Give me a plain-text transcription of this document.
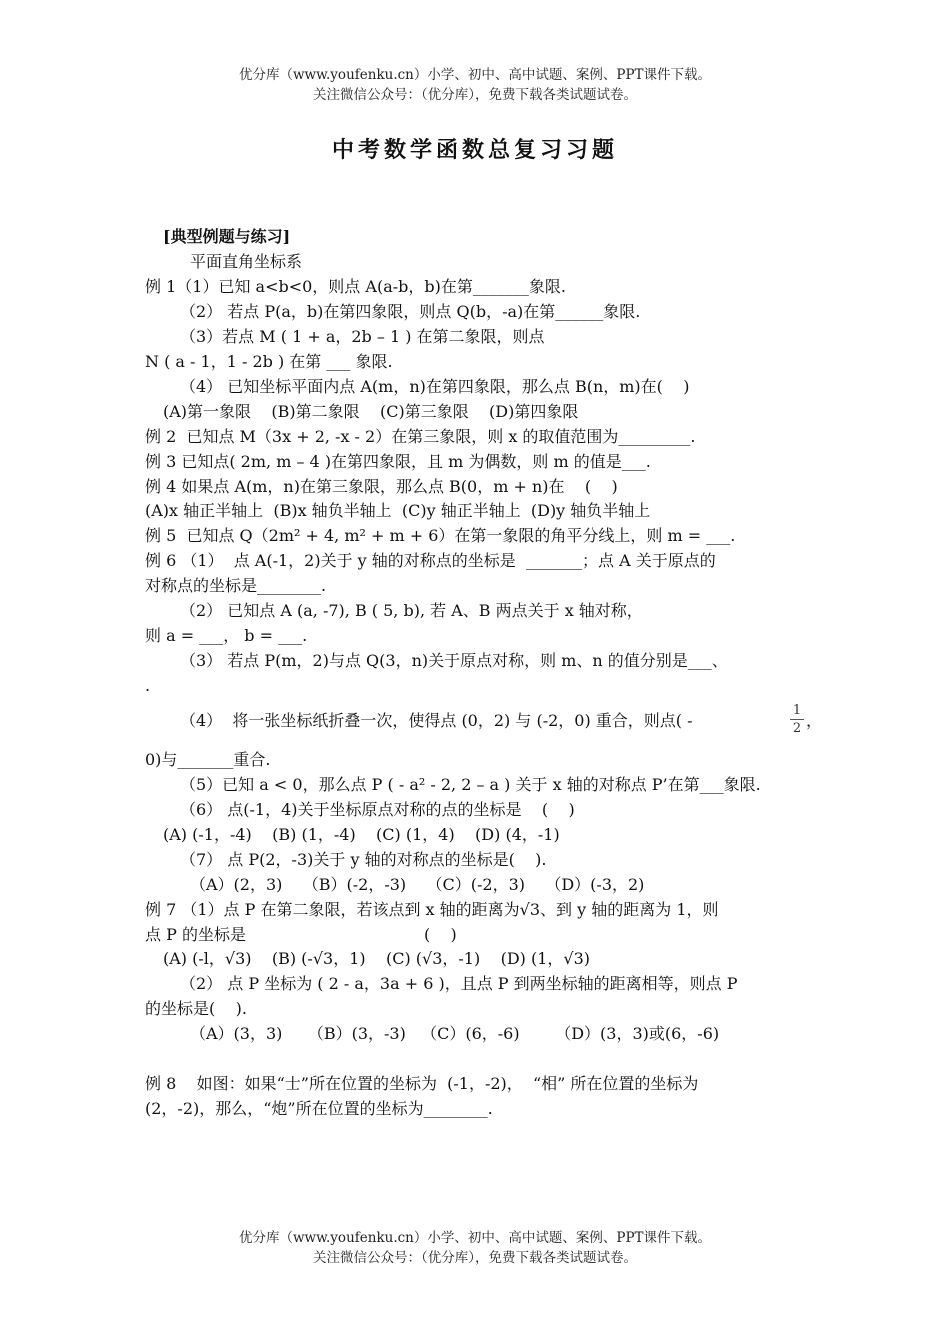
优分库（www.youfenku.cn）小学、初中、高中试题、案例、PPT课件下载。
关注微信公众号：（优分库），免费下载各类试题试卷。
中考数学函数总复习习题
[典型例题与练习]
平面直角坐标系
例 1（1）已知 a<b<0，则点 A(a-b，b)在第_______象限.
（2） 若点 P(a，b)在第四象限，则点 Q(b，-a)在第______象限.
（3）若点 M ( 1 + a，2b – 1 ) 在第二象限，则点
N ( a - 1，1 - 2b ) 在第 ___ 象限.
（4） 已知坐标平面内点 A(m，n)在第四象限，那么点 B(n，m)在(    )
(A)第一象限    (B)第二象限    (C)第三象限    (D)第四象限
例 2  已知点 M（3x + 2, -x - 2）在第三象限，则 x 的取值范围为_________.
例 3 已知点( 2m, m – 4 )在第四象限，且 m 为偶数，则 m 的值是___.
例 4 如果点 A(m，n)在第三象限，那么点 B(0，m + n)在    (    )
(A)x 轴正半轴上  (B)x 轴负半轴上  (C)y 轴正半轴上  (D)y 轴负半轴上
例 5  已知点 Q（2m² + 4, m² + m + 6）在第一象限的角平分线上，则 m = ___.
例 6 （1）  点 A(-1，2)关于 y 轴的对称点的坐标是  _______；点 A 关于原点的
对称点的坐标是________.
（2） 已知点 A (a, -7), B ( 5, b), 若 A、B 两点关于 x 轴对称，
则 a = ___， b = ___.
（3） 若点 P(m，2)与点 Q(3，n)关于原点对称，则 m、n 的值分别是___、
.
（4）  将一张坐标纸折叠一次，使得点 (0，2) 与 (-2，0) 重合，则点( -
1
2 ，
0)与_______重合.
（5）已知 a < 0，那么点 P ( - a² - 2, 2 – a ) 关于 x 轴的对称点 P’在第___象限.
（6） 点(-1，4)关于坐标原点对称的点的坐标是    (    )
(A) (-1，-4)    (B) (1，-4)    (C) (1，4)    (D) (4，-1)
（7） 点 P(2，-3)关于 y 轴的对称点的坐标是(    ).
（A）(2，3)    （B）(-2，-3)    （C）(-2，3)    （D）(-3，2)
例 7 （1）点 P 在第二象限，若该点到 x 轴的距离为√3、到 y 轴的距离为 1，则
点 P 的坐标是                                   (    )
(A) (-l，√3)    (B) (-√3，1)    (C) (√3，-1)    (D) (1，√3)
（2） 点 P 坐标为 ( 2 - a，3a + 6 )，且点 P 到两坐标轴的距离相等，则点 P
的坐标是(    ).
（A）(3，3)     （B）(3，-3)   （C）(6，-6)       （D）(3，3)或(6，-6)
例 8    如图：如果“士”所在位置的坐标为  (-1，-2)，  “相” 所在位置的坐标为
(2，-2)，那么，“炮”所在位置的坐标为________.
优分库（www.youfenku.cn）小学、初中、高中试题、案例、PPT课件下载。
关注微信公众号：（优分库），免费下载各类试题试卷。
